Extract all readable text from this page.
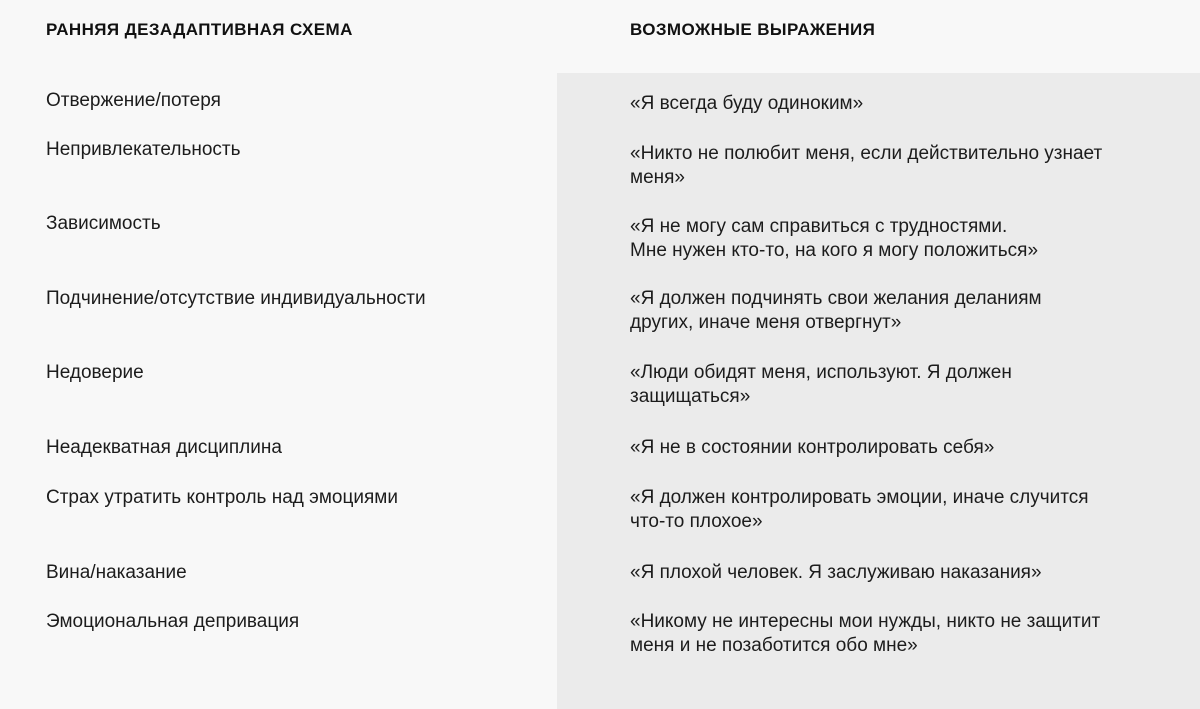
РАННЯЯ ДЕЗАДАПТИВНАЯ СХЕМА	ВОЗМОЖНЫЕ ВЫРАЖЕНИЯ
Отвержение/потеря	«Я всегда буду одиноким»
Непривлекательность	«Никто не полюбит меня, если действительно узнает
меня»
Зависимость	«Я не могу сам справиться с трудностями.
Мне нужен кто-то, на кого я могу положиться»
Подчинение/отсутствие индивидуальности	«Я должен подчинять свои желания деланиям
других, иначе меня отвергнут»
Недоверие	«Люди обидят меня, используют. Я должен
защищаться»
Неадекватная дисциплина	«Я не в состоянии контролировать себя»
Страх утратить контроль над эмоциями	«Я должен контролировать эмоции, иначе случится
что-то плохое»
Вина/наказание	«Я плохой человек. Я заслуживаю наказания»
Эмоциональная депривация	«Никому не интересны мои нужды, никто не защитит
меня и не позаботится обо мне»
